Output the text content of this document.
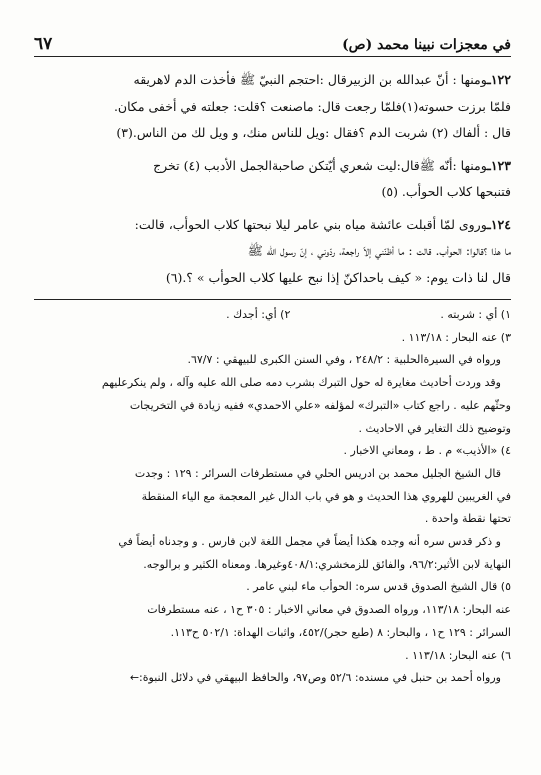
في معجزات نبينا محمد (ص)
٦٧

١٢٢ـومنها : أنّ عبدالله بن الزبيرقال :احتجم النبيّ ﷺ فأخذت الدم لاهريقه

فلمّا برزت حسوته(١)فلمّا رجعت قال: ماصنعت ؟قلت: جعلته في أخفى مكان.

قال : ألفاك (٢) شربت الدم ؟فقال :ويل للناس منك، و ويل لك من الناس.(٣)

١٢٣ـومنها :أنّه ﷺقال:ليت شعري أيّتكن صاحبةالجمل الأدبب (٤) تخرج

فتنبحها كلاب الحوأب. (٥)

١٢٤ـوروى لمّا أقبلت عائشة مياه بني عامر ليلا نبحتها كلاب الحوأب، قالت:

ما هذا ؟قالوا: الحوأب. قالت : ما أظنّني إلاّ راجعة، ردّوني ، إنّ رسول الله ﷺ

قال لنا ذات يوم: « كيف باحداكنّ إذا نبح عليها كلاب الحوأب » ؟.(٦)

١) أي : شربته .
٢) أي: أجدك .

٣) عنه البحار : ١١٣/١٨ .

ورواه في السيرةالحلبية : ٢٤٨/٢ ، وفي السنن الكبرى للبيهقي : ٦٧/٧.

وقد وردت أحاديث مغايرة له حول التبرك بشرب دمه صلى الله عليه وآله ، ولم ينكرعليهم

وحثّهم عليه . راجع كتاب «التبرك» لمؤلفه «علي الاحمدي» ففيه زيادة في التخريجات

وتوضيح ذلك التغاير في الاحاديث .

٤) «الأذيب» م . ط ، ومعاني الاخبار .

قال الشيخ الجليل محمد بن ادريس الحلي في مستطرفات السرائر : ١٢٩ : وجدت

في الغريبين للهروي هذا الحديث و هو في باب الدال غير المعجمة مع الياء المنقطة

تحتها نقطة واحدة .

و ذكر قدس سره أنه وجده هكذا أيضاً في مجمل اللغة لابن فارس . و وجدناه أيضاً في

النهاية لابن الأثير:٩٦/٢، والفائق للزمخشري:٤٠٨/١وغيرها. ومعناه الكثير و برالوجه.

٥) قال الشيخ الصدوق قدس سره: الحوأب ماء لبني عامر .

عنه البحار: ١١٣/١٨، ورواه الصدوق في معاني الاخبار : ٣٠٥ ح١ ، عنه مستطرفات

السرائر : ١٢٩ ح١ ، والبحار: ٨ (طبع حجر)/٤٥٢، واثبات الهداة: ٥٠٢/١ ح١١٣.

٦) عنه البحار: ١١٣/١٨ .

ورواه أحمد بن حنبل في مسنده: ٥٢/٦ وص٩٧، والحافظ البيهقي في دلائل النبوة:←
